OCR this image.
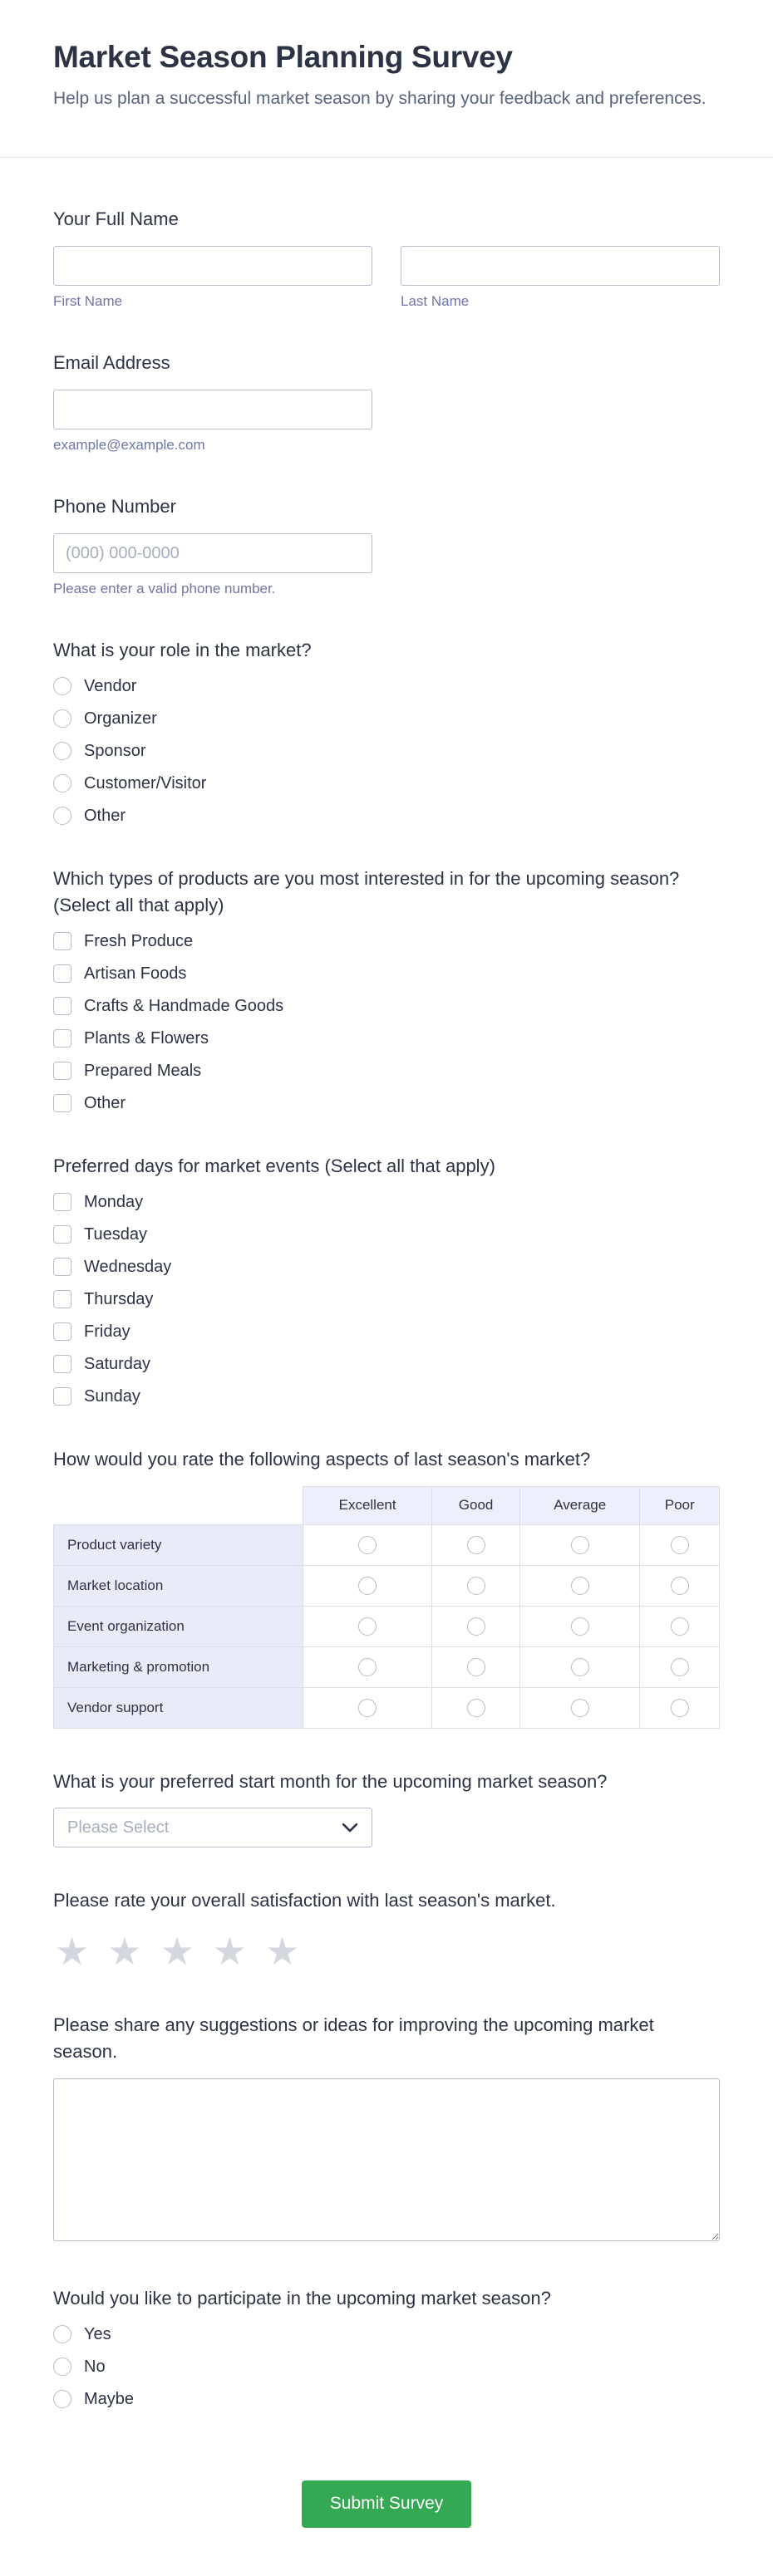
Market Season Planning Survey

Help us plan a successful market season by sharing your feedback and preferences.

Your Full Name
First Name	Last Name
Email Address
example@example.com
Phone Number
(000) 000-0000
Please enter a valid phone number.
What is your role in the market?
Vendor
Organizer
Sponsor
Customer/Visitor
Other
Which types of products are you most interested in for the upcoming season? (Select all that apply)
Fresh Produce
Artisan Foods
Crafts & Handmade Goods
Plants & Flowers
Prepared Meals
Other
Preferred days for market events (Select all that apply)
Monday
Tuesday
Wednesday
Thursday
Friday
Saturday
Sunday
How would you rate the following aspects of last season's market?
	Excellent	Good	Average	Poor
Product variety				
Market location				
Event organization				
Marketing & promotion				
Vendor support				
What is your preferred start month for the upcoming market season?
Please Select
Please rate your overall satisfaction with last season's market.
★ ★ ★ ★ ★
Please share any suggestions or ideas for improving the upcoming market season.
Would you like to participate in the upcoming market season?
Yes
No
Maybe
Submit Survey
